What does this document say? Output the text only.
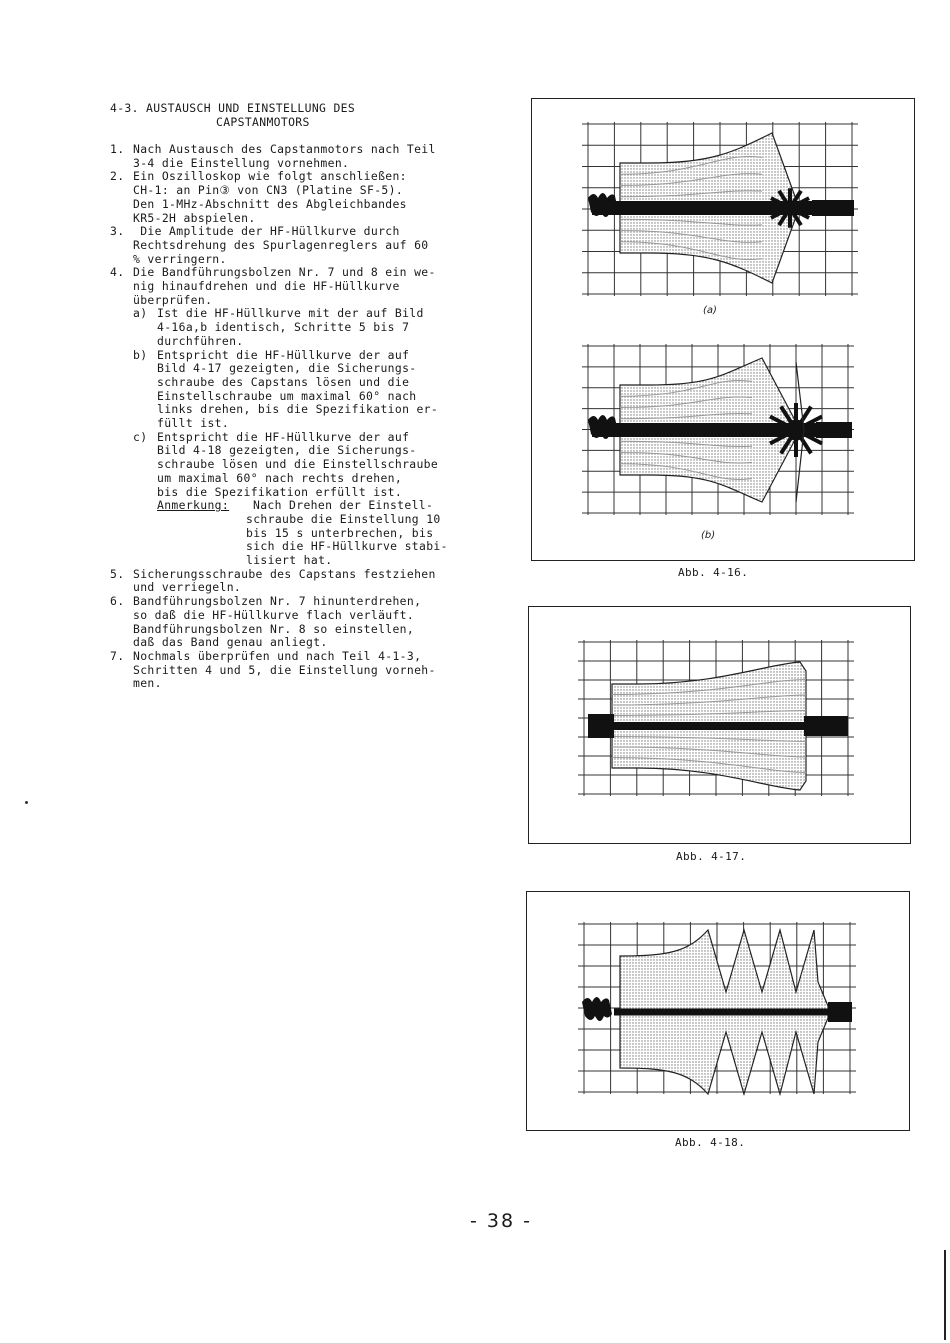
4-3. AUSTAUSCH UND EINSTELLUNG DES
CAPSTANMOTORS
1. Nach Austausch des Capstanmotors nach Teil
3-4 die Einstellung vornehmen.
2. Ein Oszilloskop wie folgt anschließen:
CH-1: an Pin③ von CN3 (Platine SF-5).
Den 1-MHz-Abschnitt des Abgleichbandes
KR5-2H abspielen.
3. Die Amplitude der HF-Hüllkurve durch
Rechtsdrehung des Spurlagenreglers auf 60
% verringern.
4. Die Bandführungsbolzen Nr. 7 und 8 ein we-
nig hinaufdrehen und die HF-Hüllkurve
überprüfen.
a) Ist die HF-Hüllkurve mit der auf Bild
4-16a,b identisch, Schritte 5 bis 7
durchführen.
b) Entspricht die HF-Hüllkurve der auf
Bild 4-17 gezeigten, die Sicherungs-
schraube des Capstans lösen und die
Einstellschraube um maximal 60° nach
links drehen, bis die Spezifikation er-
füllt ist.
c) Entspricht die HF-Hüllkurve der auf
Bild 4-18 gezeigten, die Sicherungs-
schraube lösen und die Einstellschraube
um maximal 60° nach rechts drehen,
bis die Spezifikation erfüllt ist.
Anmerkung: Nach Drehen der Einstell-
schraube die Einstellung 10
bis 15 s unterbrechen, bis
sich die HF-Hüllkurve stabi-
lisiert hat.
5. Sicherungsschraube des Capstans festziehen
und verriegeln.
6. Bandführungsbolzen Nr. 7 hinunterdrehen,
so daß die HF-Hüllkurve flach verläuft.
Bandführungsbolzen Nr. 8 so einstellen,
daß das Band genau anliegt.
7. Nochmals überprüfen und nach Teil 4-1-3,
Schritten 4 und 5, die Einstellung vorneh-
men.
(a)
(b)
Abb. 4-16.
Abb. 4-17.
Abb. 4-18.
- 38 -
